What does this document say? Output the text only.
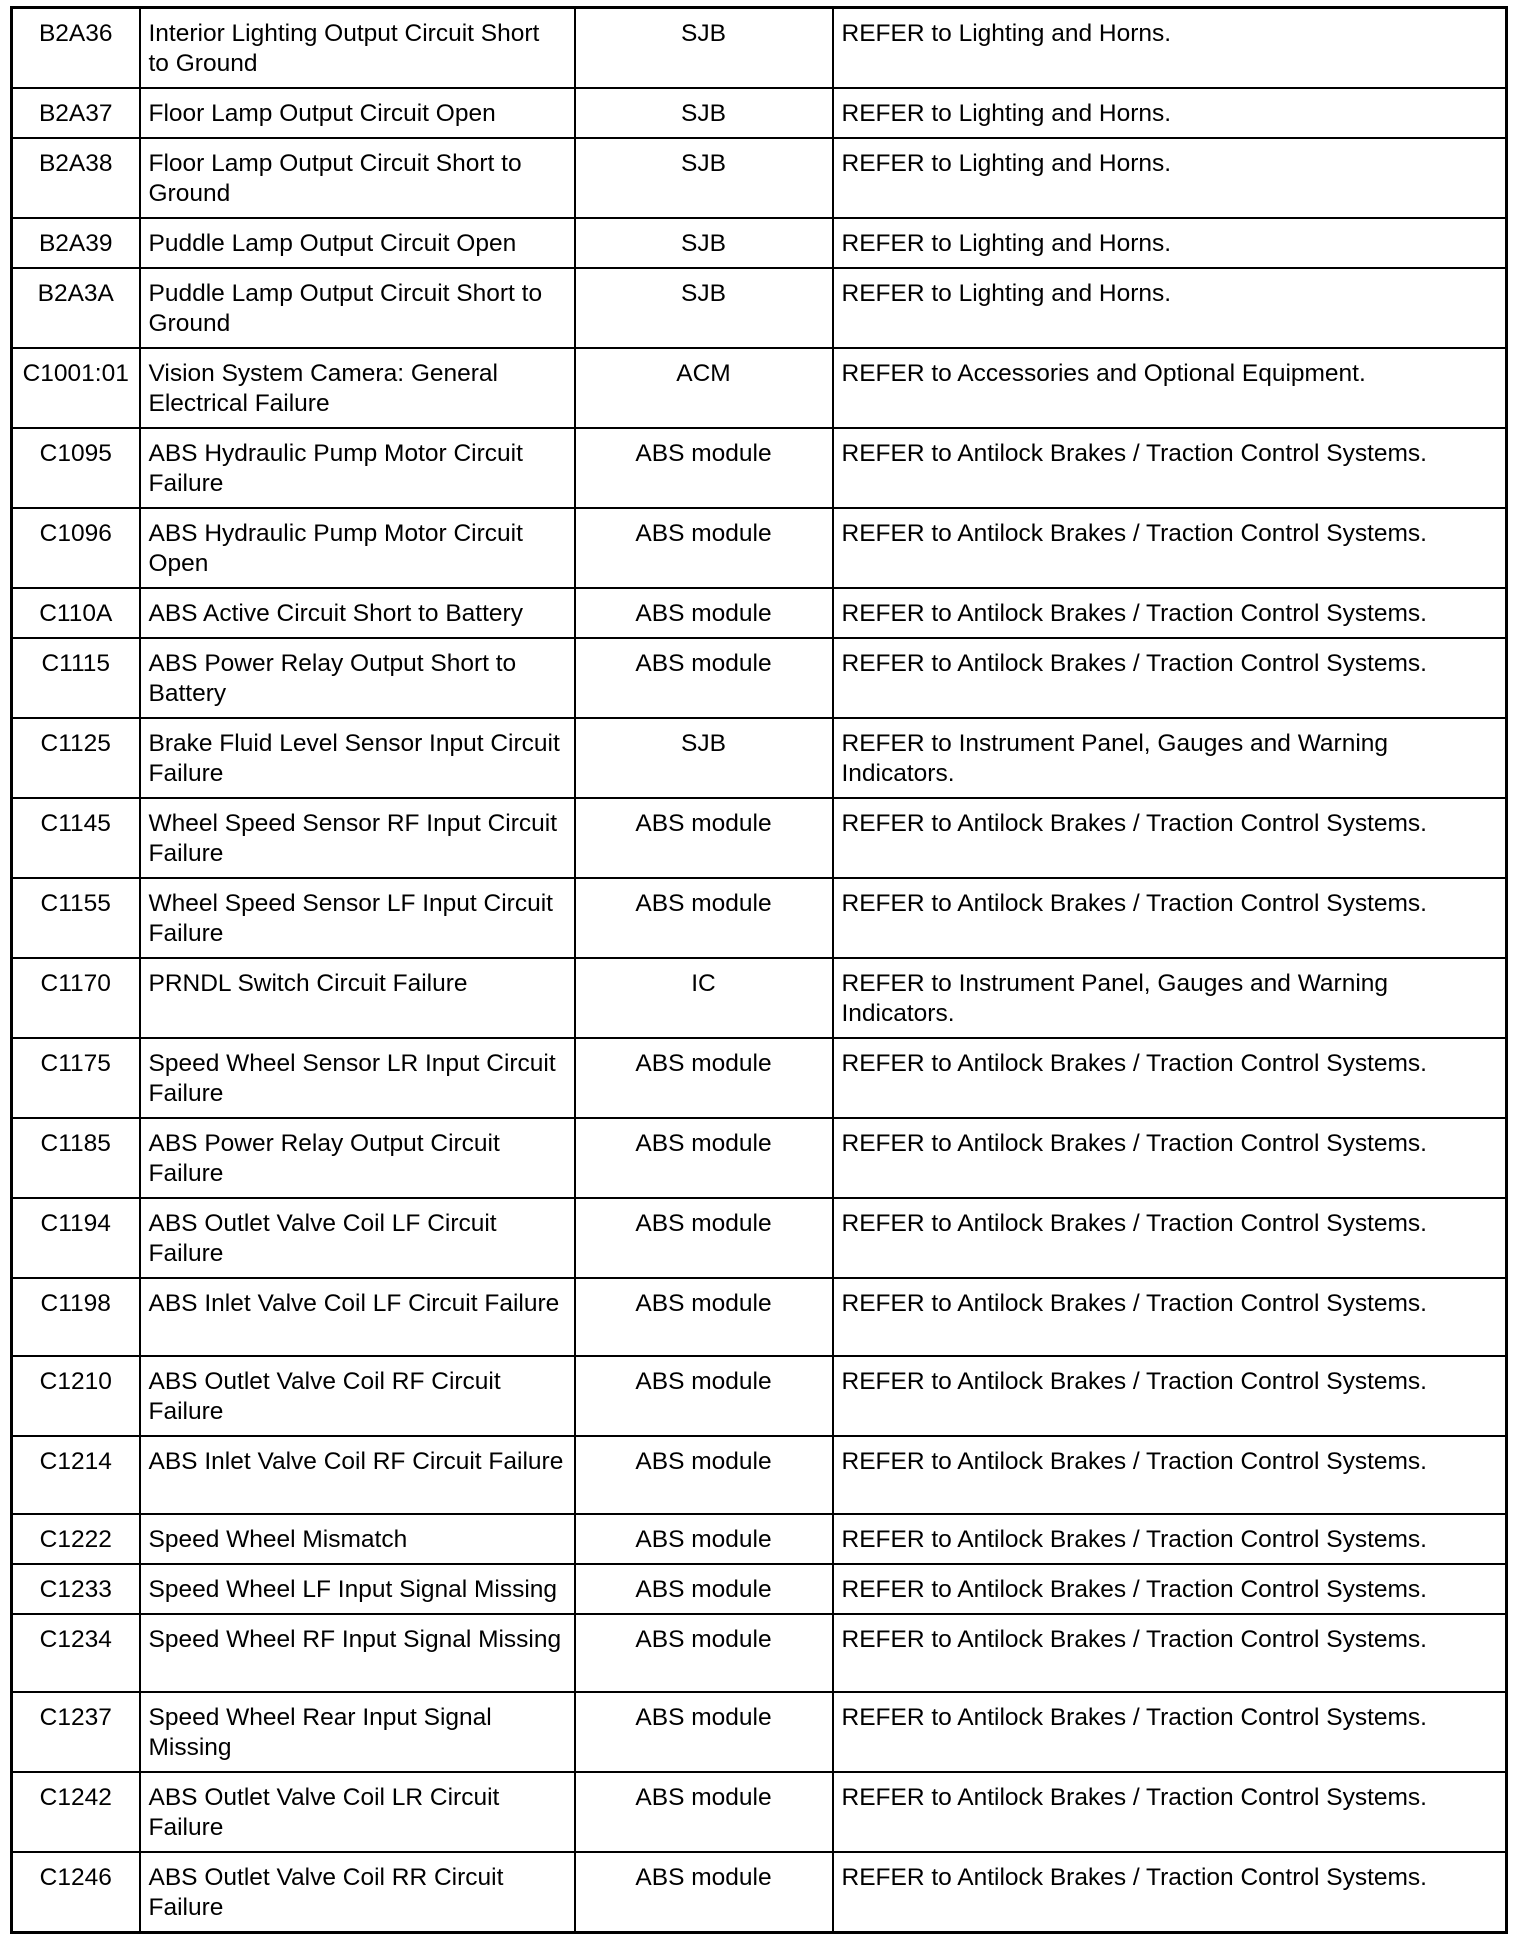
B2A36	Interior Lighting Output Circuit Short to Ground	SJB	REFER to Lighting and Horns.
B2A37	Floor Lamp Output Circuit Open	SJB	REFER to Lighting and Horns.
B2A38	Floor Lamp Output Circuit Short to Ground	SJB	REFER to Lighting and Horns.
B2A39	Puddle Lamp Output Circuit Open	SJB	REFER to Lighting and Horns.
B2A3A	Puddle Lamp Output Circuit Short to Ground	SJB	REFER to Lighting and Horns.
C1001:01	Vision System Camera: General Electrical Failure	ACM	REFER to Accessories and Optional Equipment.
C1095	ABS Hydraulic Pump Motor Circuit Failure	ABS module	REFER to Antilock Brakes / Traction Control Systems.
C1096	ABS Hydraulic Pump Motor Circuit Open	ABS module	REFER to Antilock Brakes / Traction Control Systems.
C110A	ABS Active Circuit Short to Battery	ABS module	REFER to Antilock Brakes / Traction Control Systems.
C1115	ABS Power Relay Output Short to Battery	ABS module	REFER to Antilock Brakes / Traction Control Systems.
C1125	Brake Fluid Level Sensor Input Circuit Failure	SJB	REFER to Instrument Panel, Gauges and Warning Indicators.
C1145	Wheel Speed Sensor RF Input Circuit Failure	ABS module	REFER to Antilock Brakes / Traction Control Systems.
C1155	Wheel Speed Sensor LF Input Circuit Failure	ABS module	REFER to Antilock Brakes / Traction Control Systems.
C1170	PRNDL Switch Circuit Failure	IC	REFER to Instrument Panel, Gauges and Warning Indicators.
C1175	Speed Wheel Sensor LR Input Circuit Failure	ABS module	REFER to Antilock Brakes / Traction Control Systems.
C1185	ABS Power Relay Output Circuit Failure	ABS module	REFER to Antilock Brakes / Traction Control Systems.
C1194	ABS Outlet Valve Coil LF Circuit Failure	ABS module	REFER to Antilock Brakes / Traction Control Systems.
C1198	ABS Inlet Valve Coil LF Circuit Failure	ABS module	REFER to Antilock Brakes / Traction Control Systems.
C1210	ABS Outlet Valve Coil RF Circuit Failure	ABS module	REFER to Antilock Brakes / Traction Control Systems.
C1214	ABS Inlet Valve Coil RF Circuit Failure	ABS module	REFER to Antilock Brakes / Traction Control Systems.
C1222	Speed Wheel Mismatch	ABS module	REFER to Antilock Brakes / Traction Control Systems.
C1233	Speed Wheel LF Input Signal Missing	ABS module	REFER to Antilock Brakes / Traction Control Systems.
C1234	Speed Wheel RF Input Signal Missing	ABS module	REFER to Antilock Brakes / Traction Control Systems.
C1237	Speed Wheel Rear Input Signal Missing	ABS module	REFER to Antilock Brakes / Traction Control Systems.
C1242	ABS Outlet Valve Coil LR Circuit Failure	ABS module	REFER to Antilock Brakes / Traction Control Systems.
C1246	ABS Outlet Valve Coil RR Circuit Failure	ABS module	REFER to Antilock Brakes / Traction Control Systems.
